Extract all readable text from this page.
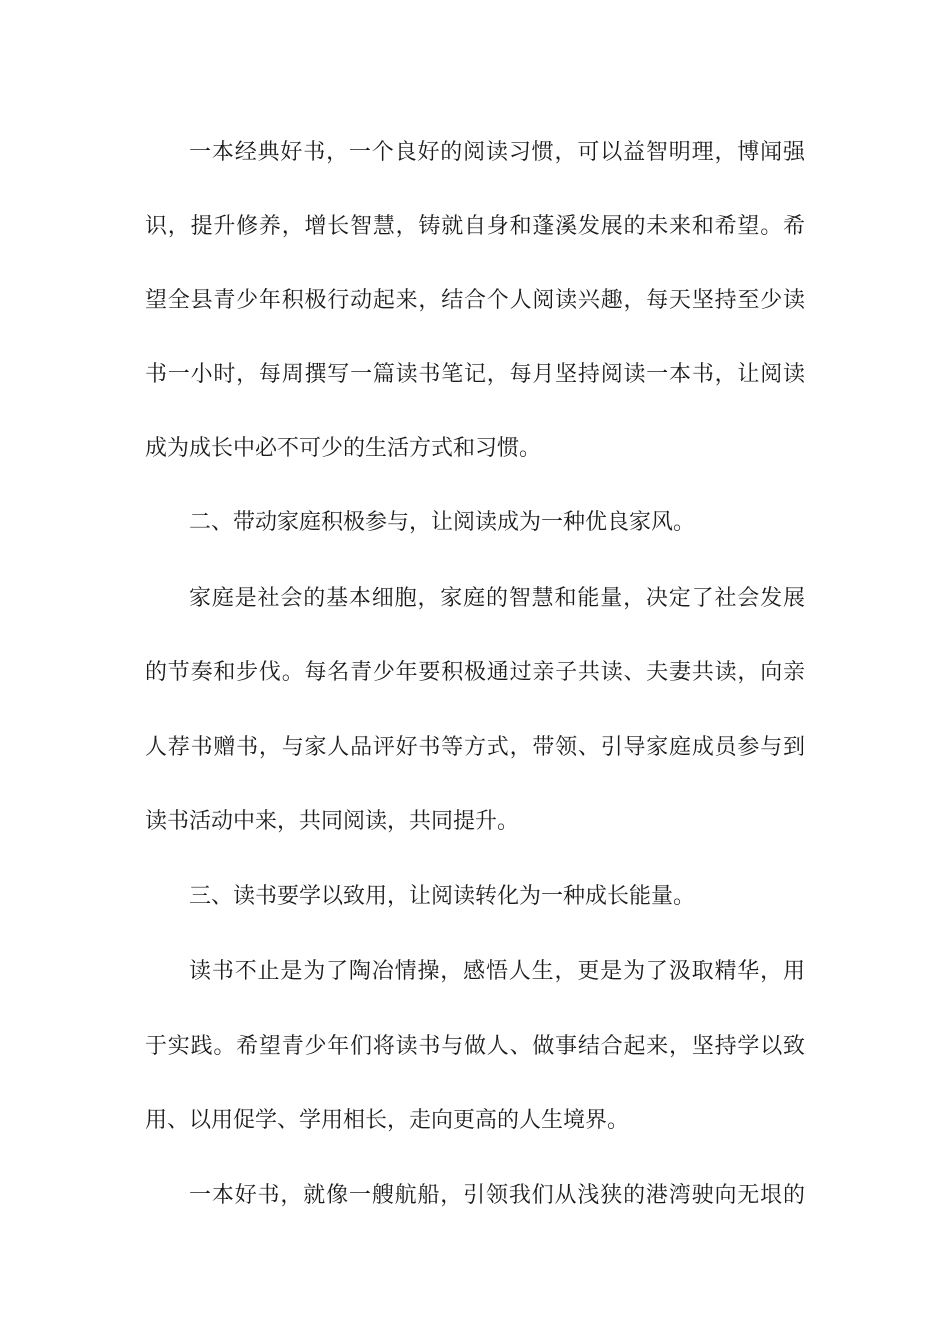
一本经典好书，一个良好的阅读习惯，可以益智明理，博闻强
识，提升修养，增长智慧，铸就自身和蓬溪发展的未来和希望。希
望全县青少年积极行动起来，结合个人阅读兴趣，每天坚持至少读
书一小时，每周撰写一篇读书笔记，每月坚持阅读一本书，让阅读
成为成长中必不可少的生活方式和习惯。
二、带动家庭积极参与，让阅读成为一种优良家风。
家庭是社会的基本细胞，家庭的智慧和能量，决定了社会发展
的节奏和步伐。每名青少年要积极通过亲子共读、夫妻共读，向亲
人荐书赠书，与家人品评好书等方式，带领、引导家庭成员参与到
读书活动中来，共同阅读，共同提升。
三、读书要学以致用，让阅读转化为一种成长能量。
读书不止是为了陶冶情操，感悟人生，更是为了汲取精华，用
于实践。希望青少年们将读书与做人、做事结合起来，坚持学以致
用、以用促学、学用相长，走向更高的人生境界。
一本好书，就像一艘航船，引领我们从浅狭的港湾驶向无垠的
